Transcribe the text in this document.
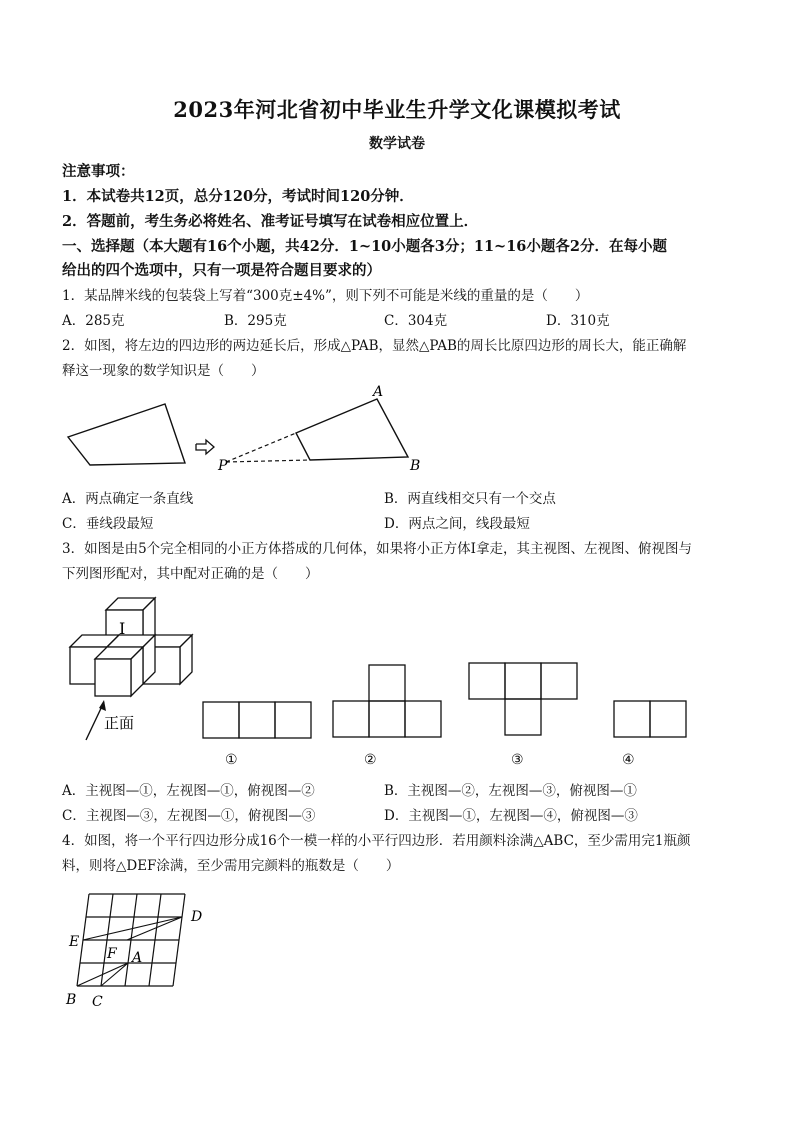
2023年河北省初中毕业生升学文化课模拟考试
数学试卷
注意事项：
1．本试卷共12页，总分120分，考试时间120分钟．
2．答题前，考生务必将姓名、准考证号填写在试卷相应位置上．
一、选择题（本大题有16个小题，共42分．1~10小题各3分；11~16小题各2分．在每小题
给出的四个选项中，只有一项是符合题目要求的）
1．某品牌米线的包装袋上写着“300克±4%”，则下列不可能是米线的重量的是（　　）
A．285克	B．295克	C．304克	D．310克
2．如图，将左边的四边形的两边延长后，形成△PAB，显然△PAB的周长比原四边形的周长大，能正确解
释这一现象的数学知识是（　　）
A
B
P
A．两点确定一条直线	B．两直线相交只有一个交点
C．垂线段最短	D．两点之间，线段最短
3．如图是由5个完全相同的小正方体搭成的几何体，如果将小正方体I拿走，其主视图、左视图、俯视图与
下列图形配对，其中配对正确的是（　　）
I
正面
①	②	③	④
A．主视图—①，左视图—①，俯视图—②	B．主视图—②，左视图—③，俯视图—①
C．主视图—③，左视图—①，俯视图—③	D．主视图—①，左视图—④，俯视图—③
4．如图，将一个平行四边形分成16个一模一样的小平行四边形．若用颜料涂满△ABC，至少需用完1瓶颜
料，则将△DEF涂满，至少需用完颜料的瓶数是（　　）
D
E
F A
B C
